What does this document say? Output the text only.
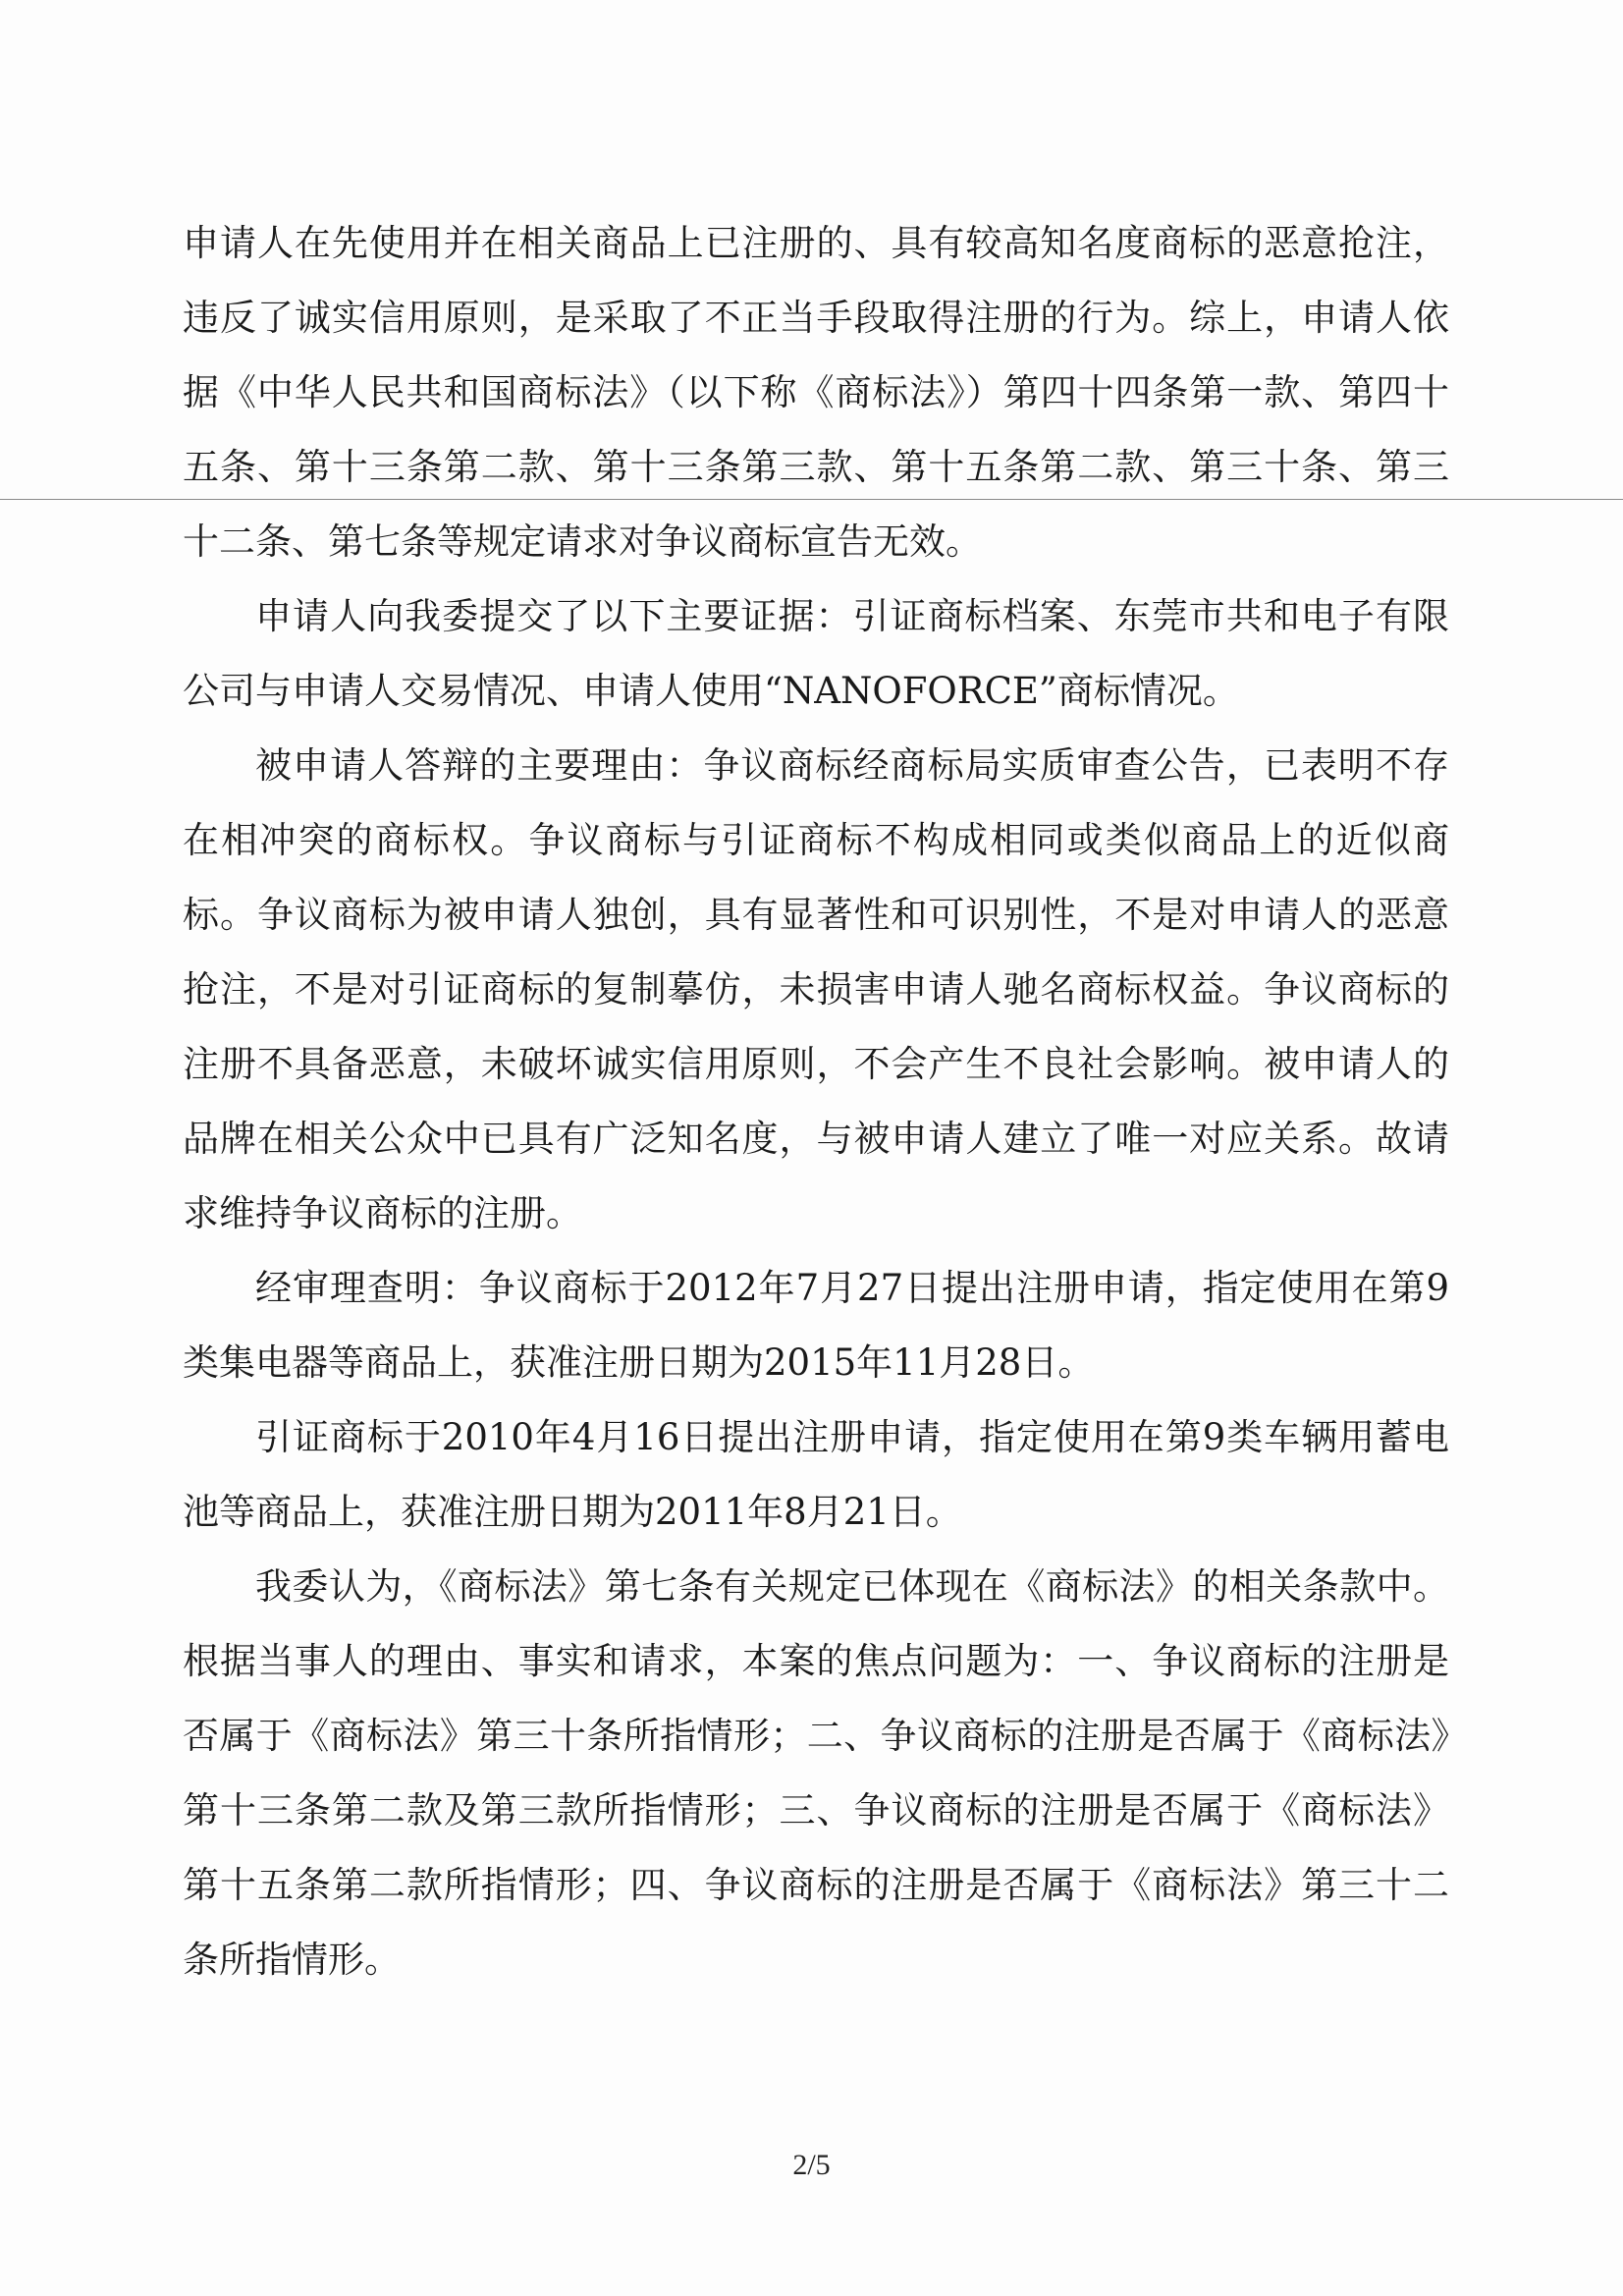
申请人在先使用并在相关商品上已注册的、具有较高知名度商标的恶意抢注，违反了诚实信用原则，是采取了不正当手段取得注册的行为。综上，申请人依据《中华人民共和国商标法》（以下称《商标法》）第四十四条第一款、第四十五条、第十三条第二款、第十三条第三款、第十五条第二款、第三十条、第三十二条、第七条等规定请求对争议商标宣告无效。

申请人向我委提交了以下主要证据：引证商标档案、东莞市共和电子有限公司与申请人交易情况、申请人使用“NANOFORCE”商标情况。

被申请人答辩的主要理由：争议商标经商标局实质审查公告，已表明不存在相冲突的商标权。争议商标与引证商标不构成相同或类似商品上的近似商标。争议商标为被申请人独创，具有显著性和可识别性，不是对申请人的恶意抢注，不是对引证商标的复制摹仿，未损害申请人驰名商标权益。争议商标的注册不具备恶意，未破坏诚实信用原则，不会产生不良社会影响。被申请人的品牌在相关公众中已具有广泛知名度，与被申请人建立了唯一对应关系。故请求维持争议商标的注册。

经审理查明：争议商标于2012年7月27日提出注册申请，指定使用在第9类集电器等商品上，获准注册日期为2015年11月28日。

引证商标于2010年4月16日提出注册申请，指定使用在第9类车辆用蓄电池等商品上，获准注册日期为2011年8月21日。

我委认为，《商标法》第七条有关规定已体现在《商标法》的相关条款中。根据当事人的理由、事实和请求，本案的焦点问题为：一、争议商标的注册是否属于《商标法》第三十条所指情形；二、争议商标的注册是否属于《商标法》第十三条第二款及第三款所指情形；三、争议商标的注册是否属于《商标法》第十五条第二款所指情形；四、争议商标的注册是否属于《商标法》第三十二条所指情形。

2/5
